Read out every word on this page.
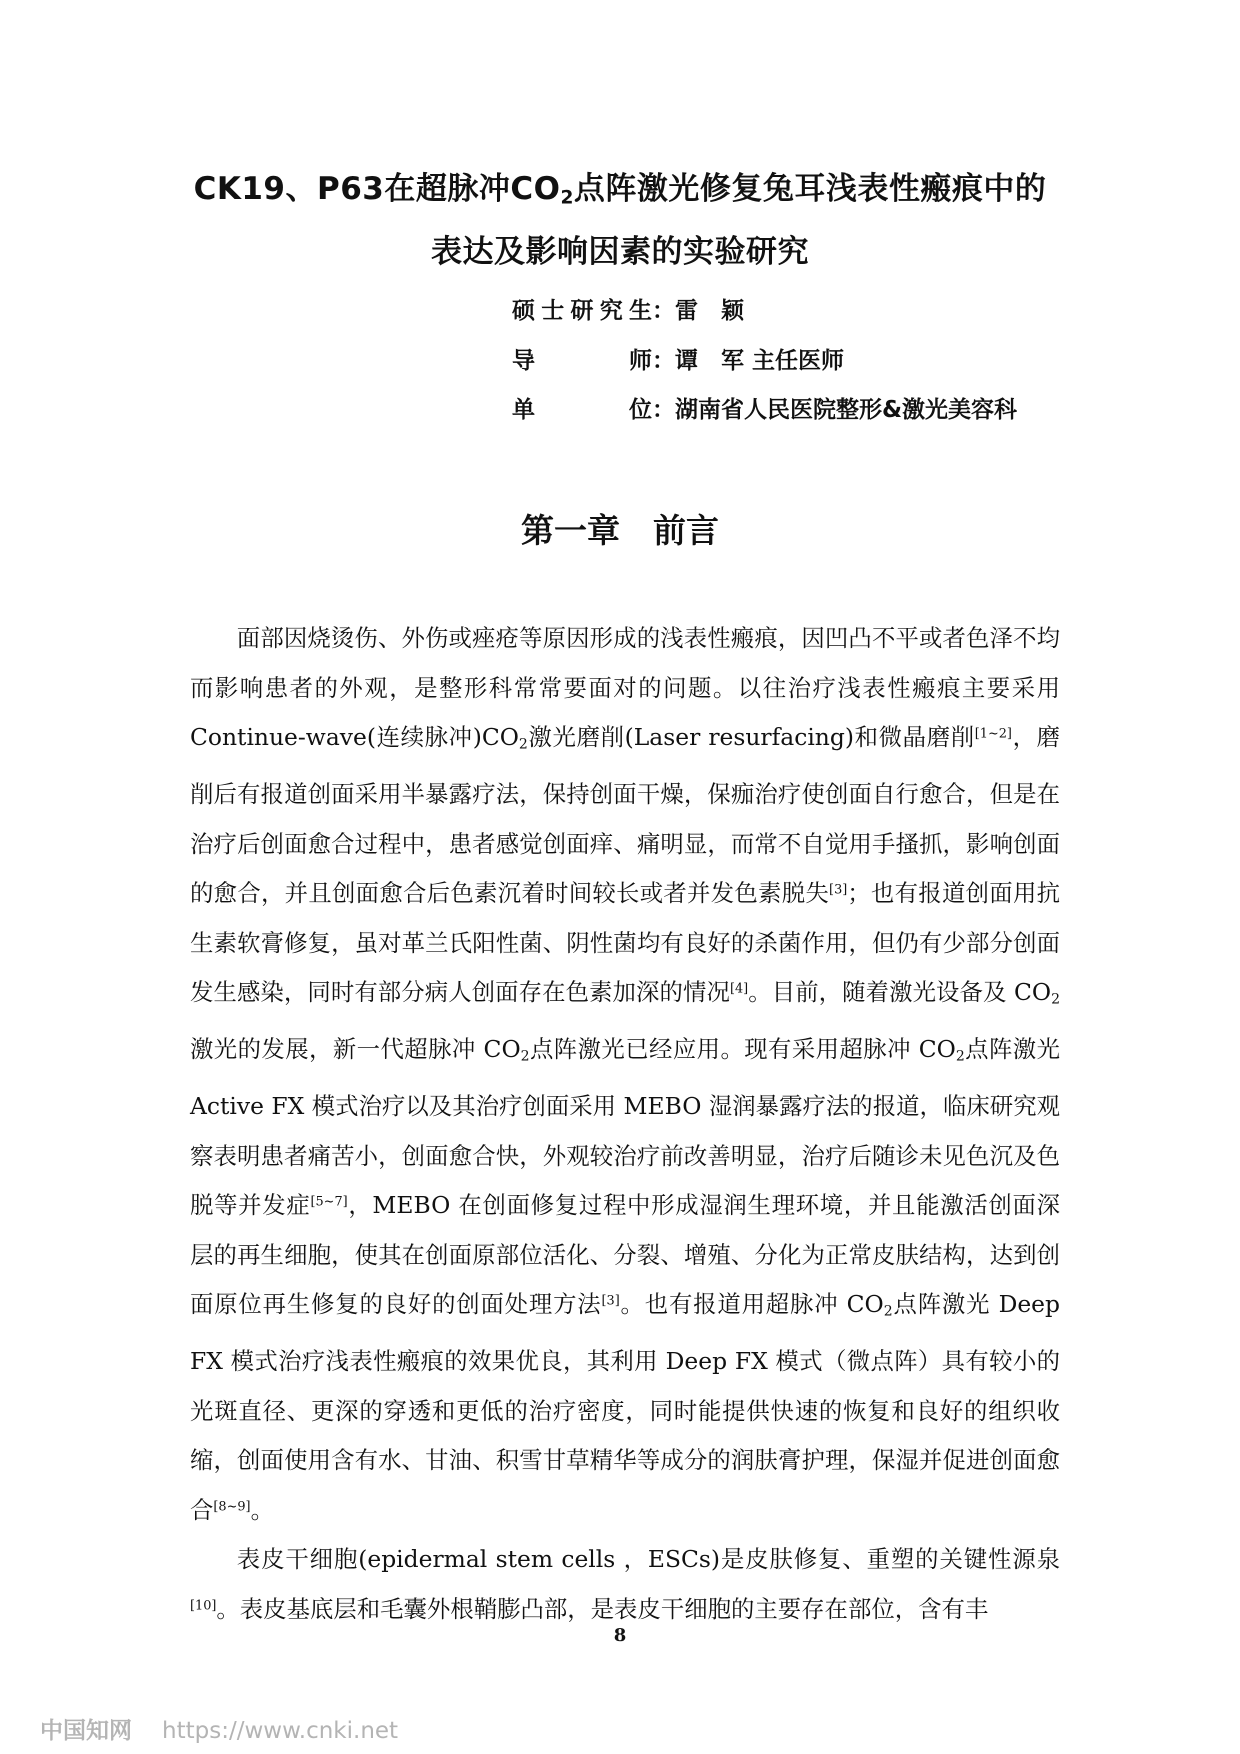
CK19、P63在超脉冲$CO_2$点阵激光修复兔耳浅表性瘢痕中的
表达及影响因素的实验研究
硕士研究生：雷　颖
导师：谭　军 主任医师
单位：湖南省人民医院整形&激光美容科
第一章　前言

面部因烧烫伤、外伤或痤疮等原因形成的浅表性瘢痕，因凹凸不平或者色泽不均而影响患者的外观，是整形科常常要面对的问题。以往治疗浅表性瘢痕主要采用 Continue-wave(连续脉冲)$CO_2$激光磨削(Laser resurfacing)和微晶磨削[1~2]，磨削后有报道创面采用半暴露疗法，保持创面干燥，保痂治疗使创面自行愈合，但是在治疗后创面愈合过程中，患者感觉创面痒、痛明显，而常不自觉用手搔抓，影响创面的愈合，并且创面愈合后色素沉着时间较长或者并发色素脱失[3]；也有报道创面用抗生素软膏修复，虽对革兰氏阳性菌、阴性菌均有良好的杀菌作用，但仍有少部分创面发生感染，同时有部分病人创面存在色素加深的情况[4]。目前，随着激光设备及 $CO_2$激光的发展，新一代超脉冲 $CO_2$点阵激光已经应用。现有采用超脉冲 $CO_2$点阵激光 Active FX 模式治疗以及其治疗创面采用 MEBO 湿润暴露疗法的报道，临床研究观察表明患者痛苦小，创面愈合快，外观较治疗前改善明显，治疗后随诊未见色沉及色脱等并发症[5~7]，MEBO 在创面修复过程中形成湿润生理环境，并且能激活创面深层的再生细胞，使其在创面原部位活化、分裂、增殖、分化为正常皮肤结构，达到创面原位再生修复的良好的创面处理方法[3]。也有报道用超脉冲 $CO_2$点阵激光 Deep FX 模式治疗浅表性瘢痕的效果优良，其利用 Deep FX 模式（微点阵）具有较小的光斑直径、更深的穿透和更低的治疗密度，同时能提供快速的恢复和良好的组织收缩，创面使用含有水、甘油、积雪甘草精华等成分的润肤膏护理，保湿并促进创面愈合[8~9]。

表皮干细胞(epidermal stem cells ，ESCs)是皮肤修复、重塑的关键性源泉[10]。表皮基底层和毛囊外根鞘膨凸部，是表皮干细胞的主要存在部位，含有丰

8
中国知网 https://www.cnki.net
